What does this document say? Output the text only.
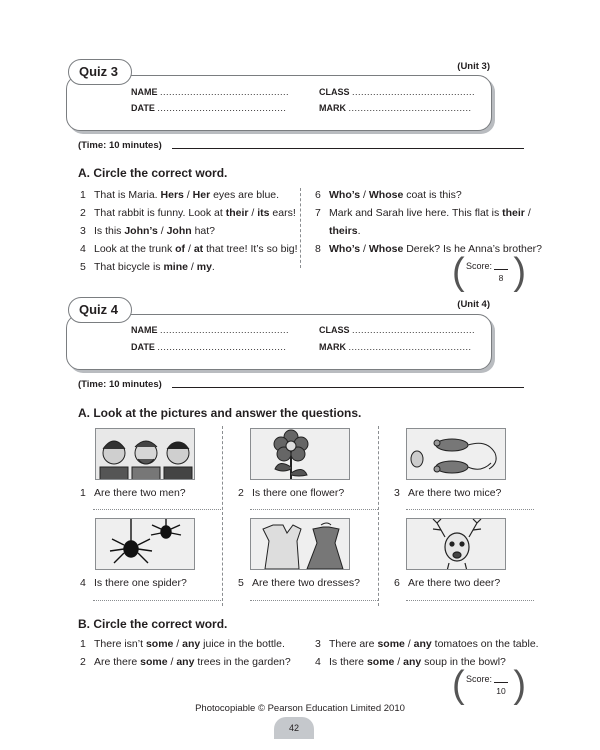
(Unit 3)
Quiz 3
NAME ...........................................
DATE ...........................................
CLASS .........................................
MARK .........................................
(Time: 10 minutes)
A. Circle the correct word.
1 That is Maria. Hers / Her eyes are blue.
2 That rabbit is funny. Look at their / its ears!
3 Is this John’s / John hat?
4 Look at the trunk of / at that tree! It’s so big!
5 That bicycle is mine / my.
6 Who’s / Whose coat is this?
7 Mark and Sarah live here. This flat is their /
theirs.
8 Who’s / Whose Derek? Is he Anna’s brother?
( )
Score:
8
(Unit 4)
Quiz 4
NAME ...........................................
DATE ...........................................
CLASS .........................................
MARK .........................................
(Time: 10 minutes)
A. Look at the pictures and answer the questions.
1 Are there two men?	2 Is there one flower?	3 Are there two mice?
4 Is there one spider?	5 Are there two dresses?	6 Are there two deer?
B. Circle the correct word.
1 There isn’t some / any juice in the bottle.
2 Are there some / any trees in the garden?
3 There are some / any tomatoes on the table.
4 Is there some / any soup in the bowl?
( )
Score:
10
Photocopiable © Pearson Education Limited 2010
42
